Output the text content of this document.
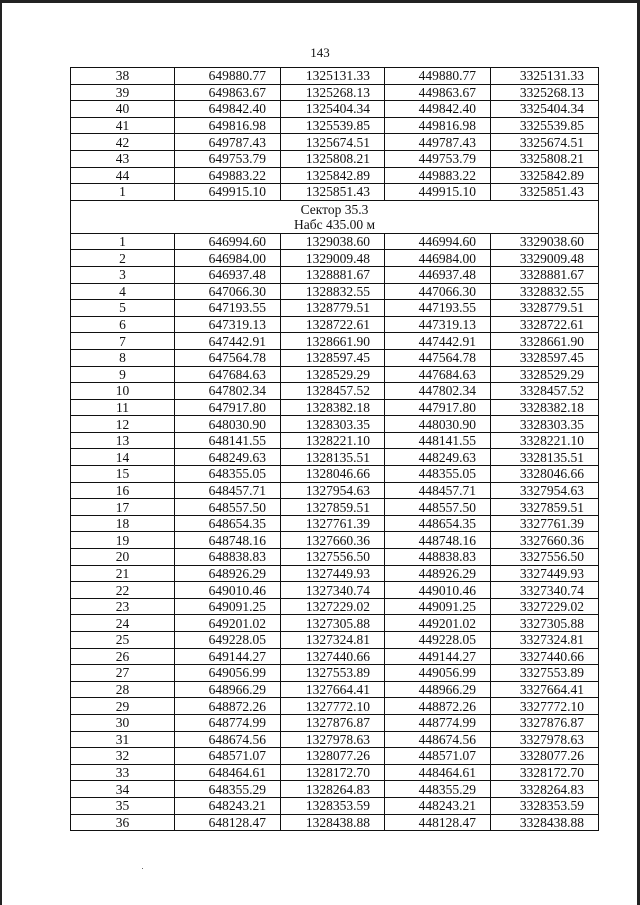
143
38	649880.77	1325131.33	449880.77	3325131.33
39	649863.67	1325268.13	449863.67	3325268.13
40	649842.40	1325404.34	449842.40	3325404.34
41	649816.98	1325539.85	449816.98	3325539.85
42	649787.43	1325674.51	449787.43	3325674.51
43	649753.79	1325808.21	449753.79	3325808.21
44	649883.22	1325842.89	449883.22	3325842.89
1	649915.10	1325851.43	449915.10	3325851.43

Сектор 35.3
Набс 435.00 м				

1	646994.60	1329038.60	446994.60	3329038.60
2	646984.00	1329009.48	446984.00	3329009.48
3	646937.48	1328881.67	446937.48	3328881.67
4	647066.30	1328832.55	447066.30	3328832.55
5	647193.55	1328779.51	447193.55	3328779.51
6	647319.13	1328722.61	447319.13	3328722.61
7	647442.91	1328661.90	447442.91	3328661.90
8	647564.78	1328597.45	447564.78	3328597.45
9	647684.63	1328529.29	447684.63	3328529.29
10	647802.34	1328457.52	447802.34	3328457.52
11	647917.80	1328382.18	447917.80	3328382.18
12	648030.90	1328303.35	448030.90	3328303.35
13	648141.55	1328221.10	448141.55	3328221.10
14	648249.63	1328135.51	448249.63	3328135.51
15	648355.05	1328046.66	448355.05	3328046.66
16	648457.71	1327954.63	448457.71	3327954.63
17	648557.50	1327859.51	448557.50	3327859.51
18	648654.35	1327761.39	448654.35	3327761.39
19	648748.16	1327660.36	448748.16	3327660.36
20	648838.83	1327556.50	448838.83	3327556.50
21	648926.29	1327449.93	448926.29	3327449.93
22	649010.46	1327340.74	449010.46	3327340.74
23	649091.25	1327229.02	449091.25	3327229.02
24	649201.02	1327305.88	449201.02	3327305.88
25	649228.05	1327324.81	449228.05	3327324.81
26	649144.27	1327440.66	449144.27	3327440.66
27	649056.99	1327553.89	449056.99	3327553.89
28	648966.29	1327664.41	448966.29	3327664.41
29	648872.26	1327772.10	448872.26	3327772.10
30	648774.99	1327876.87	448774.99	3327876.87
31	648674.56	1327978.63	448674.56	3327978.63
32	648571.07	1328077.26	448571.07	3328077.26
33	648464.61	1328172.70	448464.61	3328172.70
34	648355.29	1328264.83	448355.29	3328264.83
35	648243.21	1328353.59	448243.21	3328353.59
36	648128.47	1328438.88	448128.47	3328438.88
